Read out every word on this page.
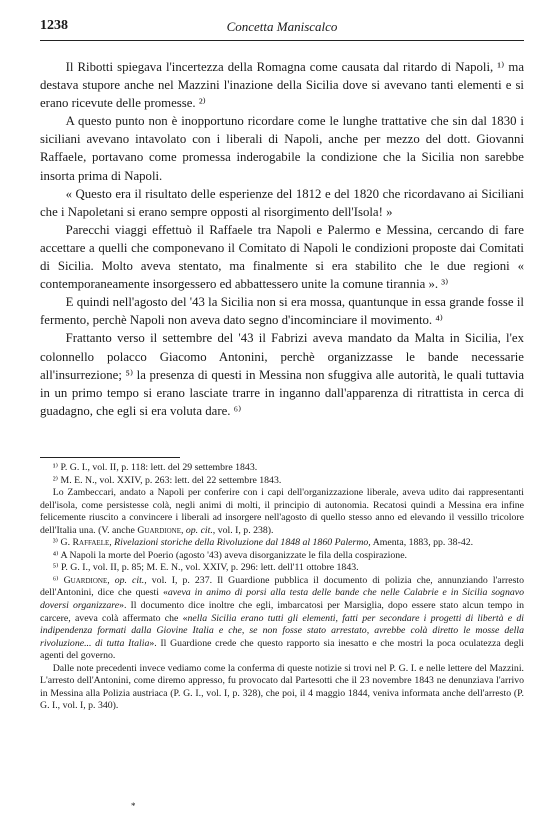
1238	Concetta Maniscalco

Il Ribotti spiegava l'incertezza della Romagna come causata dal ritardo di Napoli, ¹⁾ ma destava stupore anche nel Mazzini l'inazione della Sicilia dove si avevano tanti elementi e si erano ricevute delle promesse. ²⁾

A questo punto non è inopportuno ricordare come le lunghe trattative che sin dal 1830 i siciliani avevano intavolato con i liberali di Napoli, anche per mezzo del dott. Giovanni Raffaele, portavano come promessa inderogabile la condizione che la Sicilia non sarebbe insorta prima di Napoli.

« Questo era il risultato delle esperienze del 1812 e del 1820 che ricordavano ai Siciliani che i Napoletani si erano sempre opposti al risorgimento dell'Isola! »

Parecchi viaggi effettuò il Raffaele tra Napoli e Palermo e Messina, cercando di fare accettare a quelli che componevano il Comitato di Napoli le condizioni proposte dai Comitati di Sicilia. Molto aveva stentato, ma finalmente si era stabilito che le due regioni « contemporaneamente insorgessero ed abbattessero unite la comune tirannia ». ³⁾

E quindi nell'agosto del '43 la Sicilia non si era mossa, quantunque in essa grande fosse il fermento, perchè Napoli non aveva dato segno d'incominciare il movimento. ⁴⁾

Frattanto verso il settembre del '43 il Fabrizi aveva mandato da Malta in Sicilia, l'ex colonnello polacco Giacomo Antonini, perchè organizzasse le bande necessarie all'insurrezione; ⁵⁾ la presenza di questi in Messina non sfuggiva alle autorità, le quali tuttavia in un primo tempo si erano lasciate trarre in inganno dall'apparenza di ritrattista in cerca di guadagno, che egli si era voluta dare. ⁶⁾

¹⁾ P. G. I., vol. II, p. 118: lett. del 29 settembre 1843.

²⁾ M. E. N., vol. XXIV, p. 263: lett. del 22 settembre 1843.

Lo Zambeccari, andato a Napoli per conferire con i capi dell'organizzazione liberale, aveva udito dai rappresentanti dell'isola, come persistesse colà, negli animi di molti, il principio di autonomia. Recatosi quindi a Messina era infine felicemente riuscito a convincere i liberali ad insorgere nell'agosto di quello stesso anno ed elevando il vessillo tricolore dell'Italia una. (V. anche Guardione, op. cit., vol. I, p. 238).

³⁾ G. Raffaele, Rivelazioni storiche della Rivoluzione dal 1848 al 1860 Palermo, Amenta, 1883, pp. 38-42.

⁴⁾ A Napoli la morte del Poerio (agosto '43) aveva disorganizzate le fila della cospirazione.

⁵⁾ P. G. I., vol. II, p. 85; M. E. N., vol. XXIV, p. 296: lett. dell'11 ottobre 1843.

⁶⁾ Guardione, op. cit., vol. I, p. 237. Il Guardione pubblica il documento di polizia che, annunziando l'arresto dell'Antonini, dice che questi «aveva in animo di porsi alla testa delle bande che nelle Calabrie e in Sicilia sognavo doversi organizzare». Il documento dice inoltre che egli, imbarcatosi per Marsiglia, dopo essere stato alcun tempo in carcere, aveva colà affermato che «nella Sicilia erano tutti gli elementi, fatti per secondare i progetti di libertà e di indipendenza formati dalla Giovine Italia e che, se non fosse stato arrestato, avrebbe colà diretto le mosse della rivoluzione... di tutta Italia». Il Guardione crede che questo rapporto sia inesatto e che mostri la poca oculatezza degli agenti del governo.

Dalle note precedenti invece vediamo come la conferma di queste notizie si trovi nel P. G. I. e nelle lettere del Mazzini. L'arresto dell'Antonini, come diremo appresso, fu provocato dal Partesotti che il 23 novembre 1843 ne denunziava l'arrivo in Messina alla Polizia austriaca (P. G. I., vol. I, p. 328), che poi, il 4 maggio 1844, veniva informata anche dell'arresto (P. G. I., vol. I, p. 340).

*
